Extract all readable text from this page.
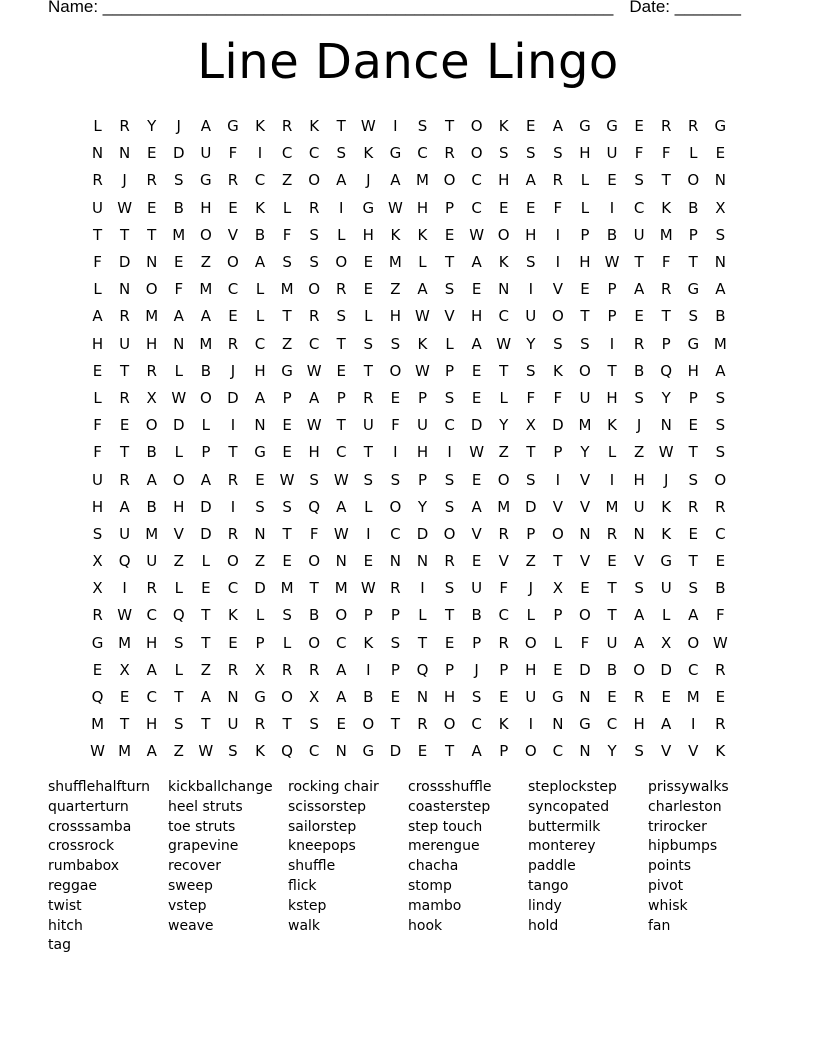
Name: ______________________________________________________ Date: _______
Line Dance Lingo
L	R	Y	J	A	G	K	R	K	T	W	I	S	T	O	K	E	A	G	G	E	R	R	G
N	N	E	D	U	F	I	C	C	S	K	G	C	R	O	S	S	S	H	U	F	F	L	E
R	J	R	S	G	R	C	Z	O	A	J	A	M O	C	H	A	R	L	E	S	T	O	N
U W E	B	H	E	K	L	R	I	G W H	P	C	E	E	F	L	I	C	K	B	X
T	T	T	M O	V	B	F	S	L	H	K	K	E W O	H	I	P	B	U	M	P	S
F	D	N	E	Z	O	A	S	S	O	E	M	L	T	A	K	S	I	H W	T	F	T	N
L	N	O	F	M	C	L	M O	R	E	Z	A	S	E	N	I	V	E	P	A	R	G	A
A	R	M	A	A	E	L	T	R	S	L	H W V	H	C	U	O	T	P	E	T	S	B
H	U	H	N M	R	C	Z	C	T	S	S	K	L	A W	Y	S	S	I	R	P	G M
E	T	R	L	B	J	H	G W E	T	O W	P	E	T	S	K	O	T	B	Q	H	A
L	R	X W O	D	A	P	A	P	R	E	P	S	E	L	F	F	U	H	S	Y	P	S
F	E	O	D	L	I	N	E W	T	U	F	U	C	D	Y	X	D M	K	J	N	E	S
F	T	B	L	P	T	G	E	H	C	T	I	H	I	W Z	T	P	Y	L	Z W	T	S
U	R	A	O	A	R	E W S W S	S	P	S	E	O	S	I	V	I	H	J	S	O
H	A	B	H	D	I	S	S	Q	A	L	O	Y	S	A	M D	V	V	M	U	K	R	R
S	U	M	V	D	R	N	T	F	W	I	C	D	O	V	R	P	O	N	R	N	K	E	C
X	Q	U	Z	L	O	Z	E	O	N	E	N	N	R	E	V	Z	T	V	E	V	G	T	E
X	I	R	L	E	C	D M	T	M W R	I	S	U	F	J	X	E	T	S	U	S	B
R W C	Q	T	K	L	S	B	O	P	P	L	T	B	C	L	P	O	T	A	L	A	F
G M H	S	T	E	P	L	O	C	K	S	T	E	P	R	O	L	F	U	A	X	O W
E	X	A	L	Z	R	X	R	R	A	I	P	Q	P	J	P	H	E	D	B	O	D	C	R
Q	E	C	T	A	N	G	O	X	A	B	E	N	H	S	E	U	G	N	E	R	E	M	E
M	T	H	S	T	U	R	T	S	E	O	T	R	O	C	K	I	N	G	C	H	A	I	R
W M	A	Z W S	K	Q	C	N	G	D	E	T	A	P	O	C	N	Y	S	V	V	K
shufflehalfturn	kickballchange	rocking chair	crossshuffle	steplockstep	prissywalks
quarterturn	heel struts	scissorstep	coasterstep	syncopated	charleston
crosssamba	toe struts	sailorstep	step touch	buttermilk	trirocker
crossrock	grapevine	kneepops	merengue	monterey	hipbumps
rumbabox	recover	shuffle	chacha	paddle	points
reggae	sweep	flick	stomp	tango	pivot
twist	vstep	kstep	mambo	lindy	whisk
hitch	weave	walk	hook	hold	fan
tag
